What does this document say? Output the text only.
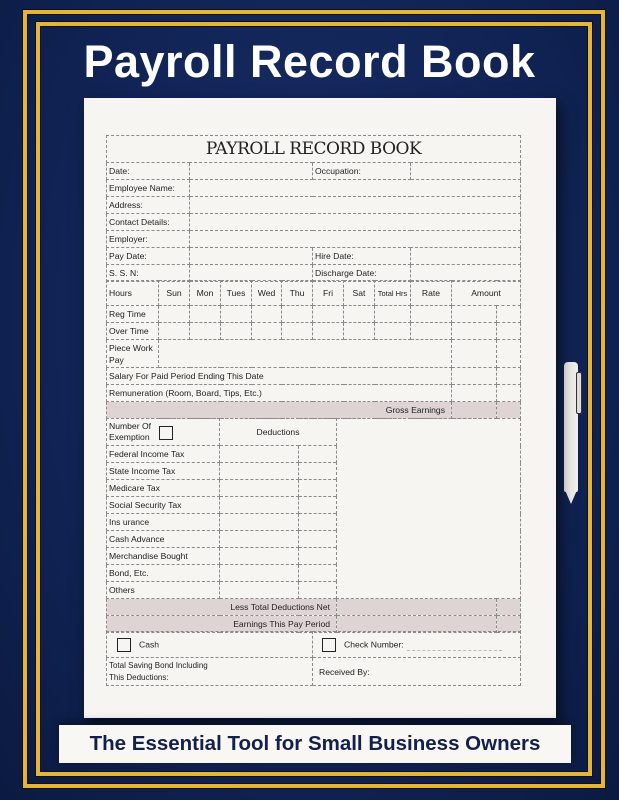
Payroll Record Book
PAYROLL RECORD BOOK			
Date:		Occupation:	
Employee Name:			
Address:			
Contact Details:			
Employer:			
Pay Date:		Hire Date:	
S. S. N:		Discharge Date:	
Hours	Sun	Mon	Tues	Wed	Thu	Fri	Sat	Total Hrs	Rate	Amount	
Reg Time											
Over Time											
Piece Work Pay											
Salary For Paid Period Ending This Date											
Remuneration (Room, Board, Tips, Etc.)											
Gross Earnings											
Number Of Exemption	Deductions			
Federal Income Tax				
State Income Tax				
Medicare Tax				
Social Security Tax				
Ins urance				
Cash Advance				
Merchandise Bought				
Bond, Etc.				
Others				
Less Total Deductions Net				
Earnings This Pay Period				
Cash	Check Number:
Total Saving Bond Including This Deductions:	Received By:
The Essential Tool for Small Business Owners
